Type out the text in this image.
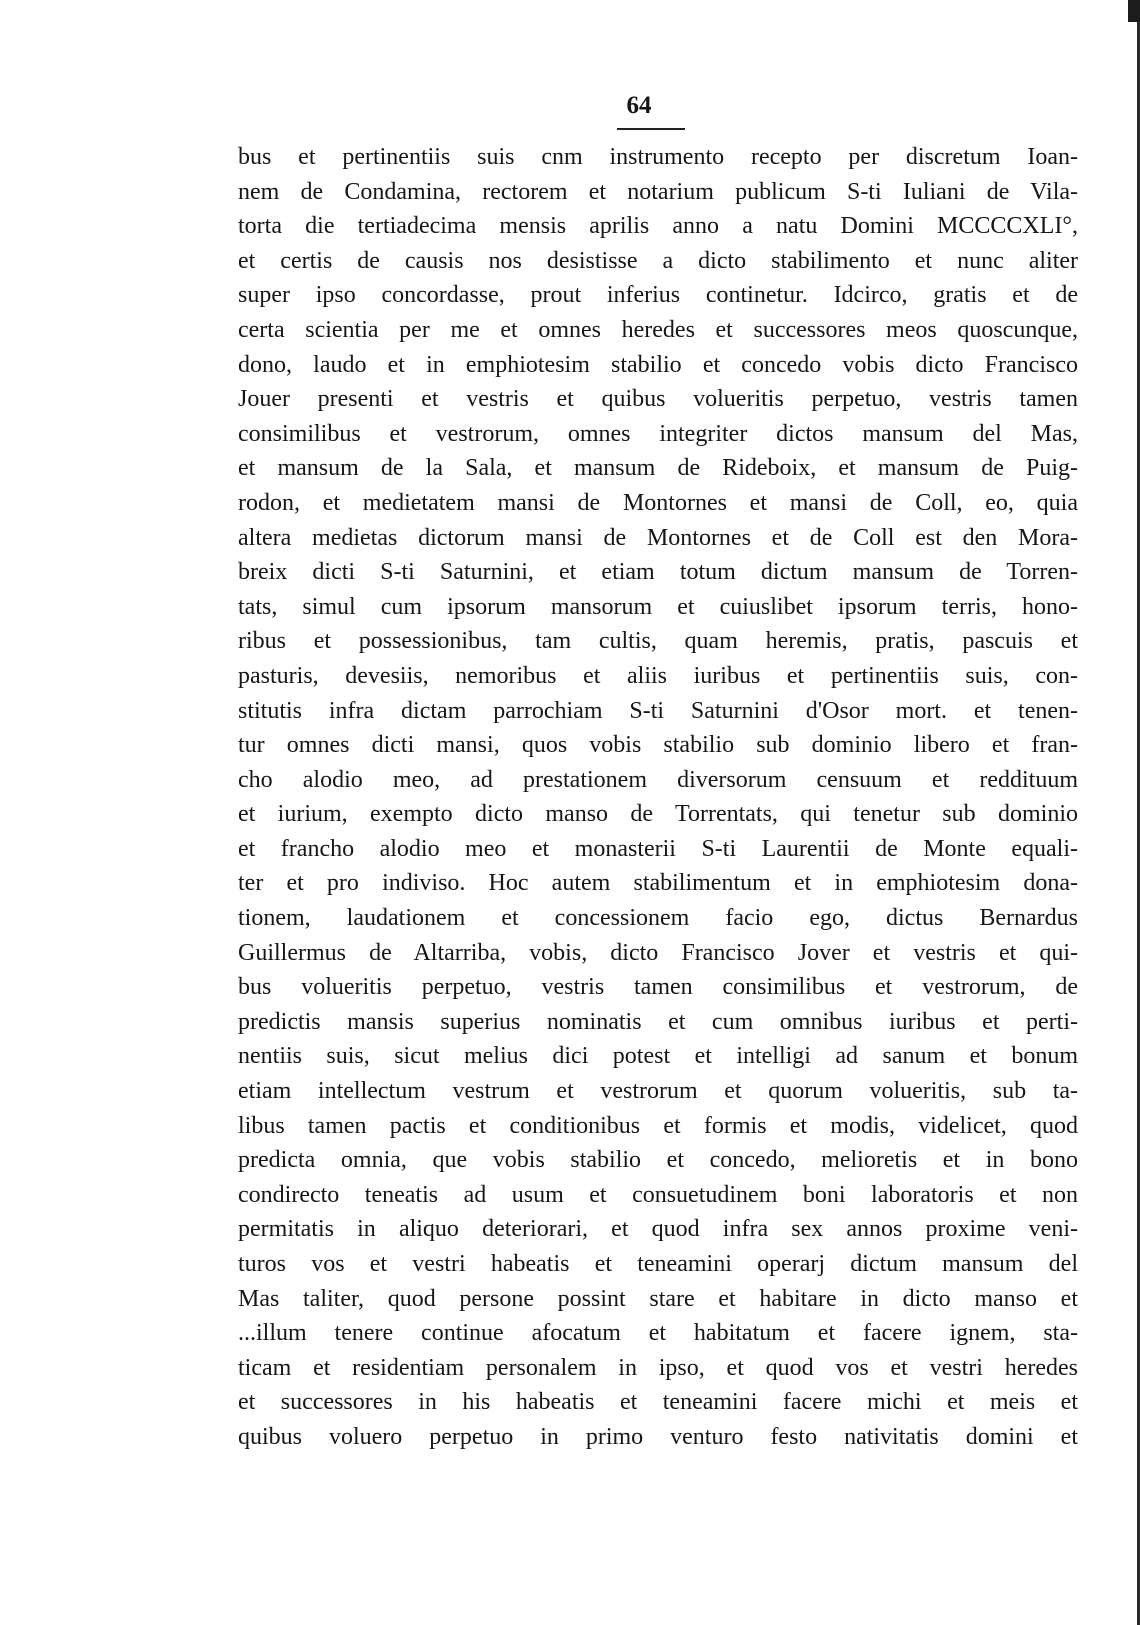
64
bus et pertinentiis suis cnm instrumento recepto per discretum Ioan-
nem de Condamina, rectorem et notarium publicum S-ti Iuliani de Vila-
torta die tertiadecima mensis aprilis anno a natu Domini MCCCCXLI°,
et certis de causis nos desistisse a dicto stabilimento et nunc aliter
super ipso concordasse, prout inferius continetur. Idcirco, gratis et de
certa scientia per me et omnes heredes et successores meos quoscunque,
dono, laudo et in emphiotesim stabilio et concedo vobis dicto Francisco
Jouer presenti et vestris et quibus volueritis perpetuo, vestris tamen
consimilibus et vestrorum, omnes integriter dictos mansum del Mas,
et mansum de la Sala, et mansum de Rideboix, et mansum de Puig-
rodon, et medietatem mansi de Montornes et mansi de Coll, eo, quia
altera medietas dictorum mansi de Montornes et de Coll est den Mora-
breix dicti S-ti Saturnini, et etiam totum dictum mansum de Torren-
tats, simul cum ipsorum mansorum et cuiuslibet ipsorum terris, hono-
ribus et possessionibus, tam cultis, quam heremis, pratis, pascuis et
pasturis, devesiis, nemoribus et aliis iuribus et pertinentiis suis, con-
stitutis infra dictam parrochiam S-ti Saturnini d'Osor mort. et tenen-
tur omnes dicti mansi, quos vobis stabilio sub dominio libero et fran-
cho alodio meo, ad prestationem diversorum censuum et reddituum
et iurium, exempto dicto manso de Torrentats, qui tenetur sub dominio
et francho alodio meo et monasterii S-ti Laurentii de Monte equali-
ter et pro indiviso. Hoc autem stabilimentum et in emphiotesim dona-
tionem, laudationem et concessionem facio ego, dictus Bernardus
Guillermus de Altarriba, vobis, dicto Francisco Jover et vestris et qui-
bus volueritis perpetuo, vestris tamen consimilibus et vestrorum, de
predictis mansis superius nominatis et cum omnibus iuribus et perti-
nentiis suis, sicut melius dici potest et intelligi ad sanum et bonum
etiam intellectum vestrum et vestrorum et quorum volueritis, sub ta-
libus tamen pactis et conditionibus et formis et modis, videlicet, quod
predicta omnia, que vobis stabilio et concedo, melioretis et in bono
condirecto teneatis ad usum et consuetudinem boni laboratoris et non
permitatis in aliquo deteriorari, et quod infra sex annos proxime veni-
turos vos et vestri habeatis et teneamini operarj dictum mansum del
Mas taliter, quod persone possint stare et habitare in dicto manso et
...illum tenere continue afocatum et habitatum et facere ignem, sta-
ticam et residentiam personalem in ipso, et quod vos et vestri heredes
et successores in his habeatis et teneamini facere michi et meis et
quibus voluero perpetuo in primo venturo festo nativitatis domini et
